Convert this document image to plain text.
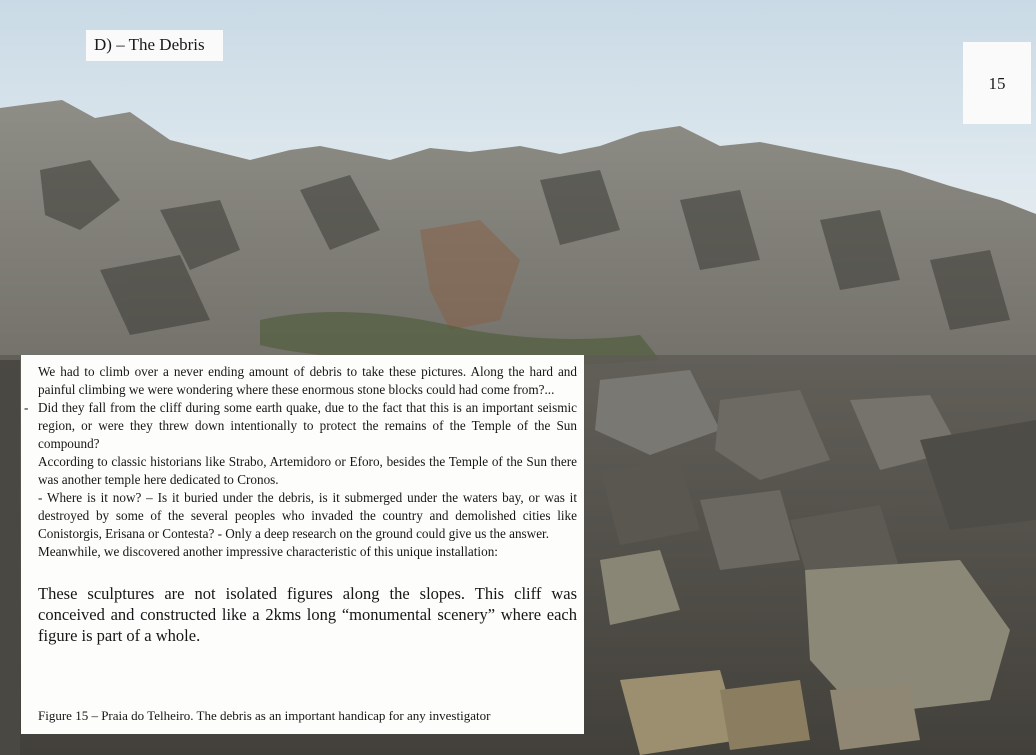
D) – The Debris
15

We had to climb over a never ending amount of debris to take these pictures. Along the hard and painful climbing we were wondering where these enormous stone blocks could had come from?...

- Did they fall from the cliff during some earth quake, due to the fact that this is an important seismic region, or were they threw down intentionally to protect the remains of the Temple of the Sun compound?

According to classic historians like Strabo, Artemidoro or Eforo, besides the Temple of the Sun there was another temple here dedicated to Cronos.

- Where is it now? – Is it buried under the debris, is it submerged under the waters bay, or was it destroyed by some of the several peoples who invaded the country and demolished cities like Conistorgis, Erisana or Contesta? - Only a deep research on the ground could give us the answer.

Meanwhile, we discovered another impressive characteristic of this unique installation:

These sculptures are not isolated figures along the slopes. This cliff was conceived and constructed like a 2kms long “monumental scenery” where each figure is part of a whole.

Figure 15 – Praia do Telheiro. The debris as an important handicap for any investigator
